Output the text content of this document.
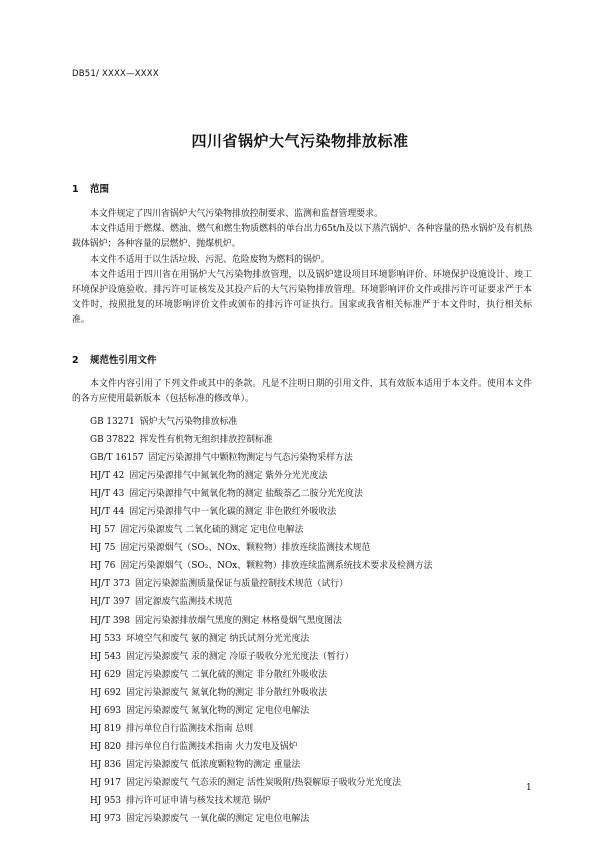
DB51/ XXXX—XXXX
四川省锅炉大气污染物排放标准
1 范围

本文件规定了四川省锅炉大气污染物排放控制要求、监测和监督管理要求。

本文件适用于燃煤、燃油、燃气和燃生物质燃料的单台出力65t/h及以下蒸汽锅炉、各种容量的热水锅炉及有机热载体锅炉；各种容量的层燃炉、抛煤机炉。

本文件不适用于以生活垃圾、污泥、危险废物为燃料的锅炉。

本文件适用于四川省在用锅炉大气污染物排放管理，以及锅炉建设项目环境影响评价、环境保护设施设计、竣工环境保护设施验收、排污许可证核发及其投产后的大气污染物排放管理。环境影响评价文件或排污许可证要求严于本文件时，按照批复的环境影响评价文件或颁布的排污许可证执行。国家或我省相关标准严于本文件时，执行相关标准。

2 规范性引用文件

本文件内容引用了下列文件或其中的条款。凡是不注明日期的引用文件，其有效版本适用于本文件。使用本文件的各方应使用最新版本（包括标准的修改单）。

GB 13271 锅炉大气污染物排放标准
GB 37822 挥发性有机物无组织排放控制标准
GB/T 16157 固定污染源排气中颗粒物测定与气态污染物采样方法
HJ/T 42 固定污染源排气中氮氧化物的测定 紫外分光光度法
HJ/T 43 固定污染源排气中氮氧化物的测定 盐酸萘乙二胺分光光度法
HJ/T 44 固定污染源排气中一氧化碳的测定 非色散红外吸收法
HJ 57 固定污染源废气 二氧化硫的测定 定电位电解法
HJ 75 固定污染源烟气（SO₂、NOx、颗粒物）排放连续监测技术规范
HJ 76 固定污染源烟气（SO₂、NOx、颗粒物）排放连续监测系统技术要求及检测方法
HJ/T 373 固定污染源监测质量保证与质量控制技术规范（试行）
HJ/T 397 固定源废气监测技术规范
HJ/T 398 固定污染源排放烟气黑度的测定 林格曼烟气黑度图法
HJ 533 环境空气和废气 氨的测定 纳氏试剂分光光度法
HJ 543 固定污染源废气 汞的测定 冷原子吸收分光光度法（暂行）
HJ 629 固定污染源废气 二氧化硫的测定 非分散红外吸收法
HJ 692 固定污染源废气 氮氧化物的测定 非分散红外吸收法
HJ 693 固定污染源废气 氮氧化物的测定 定电位电解法
HJ 819 排污单位自行监测技术指南 总则
HJ 820 排污单位自行监测技术指南 火力发电及锅炉
HJ 836 固定污染源废气 低浓度颗粒物的测定 重量法
HJ 917 固定污染源废气 气态汞的测定 活性炭吸附/热裂解原子吸收分光光度法
HJ 953 排污许可证申请与核发技术规范 锅炉
HJ 973 固定污染源废气 一氧化碳的测定 定电位电解法
1
